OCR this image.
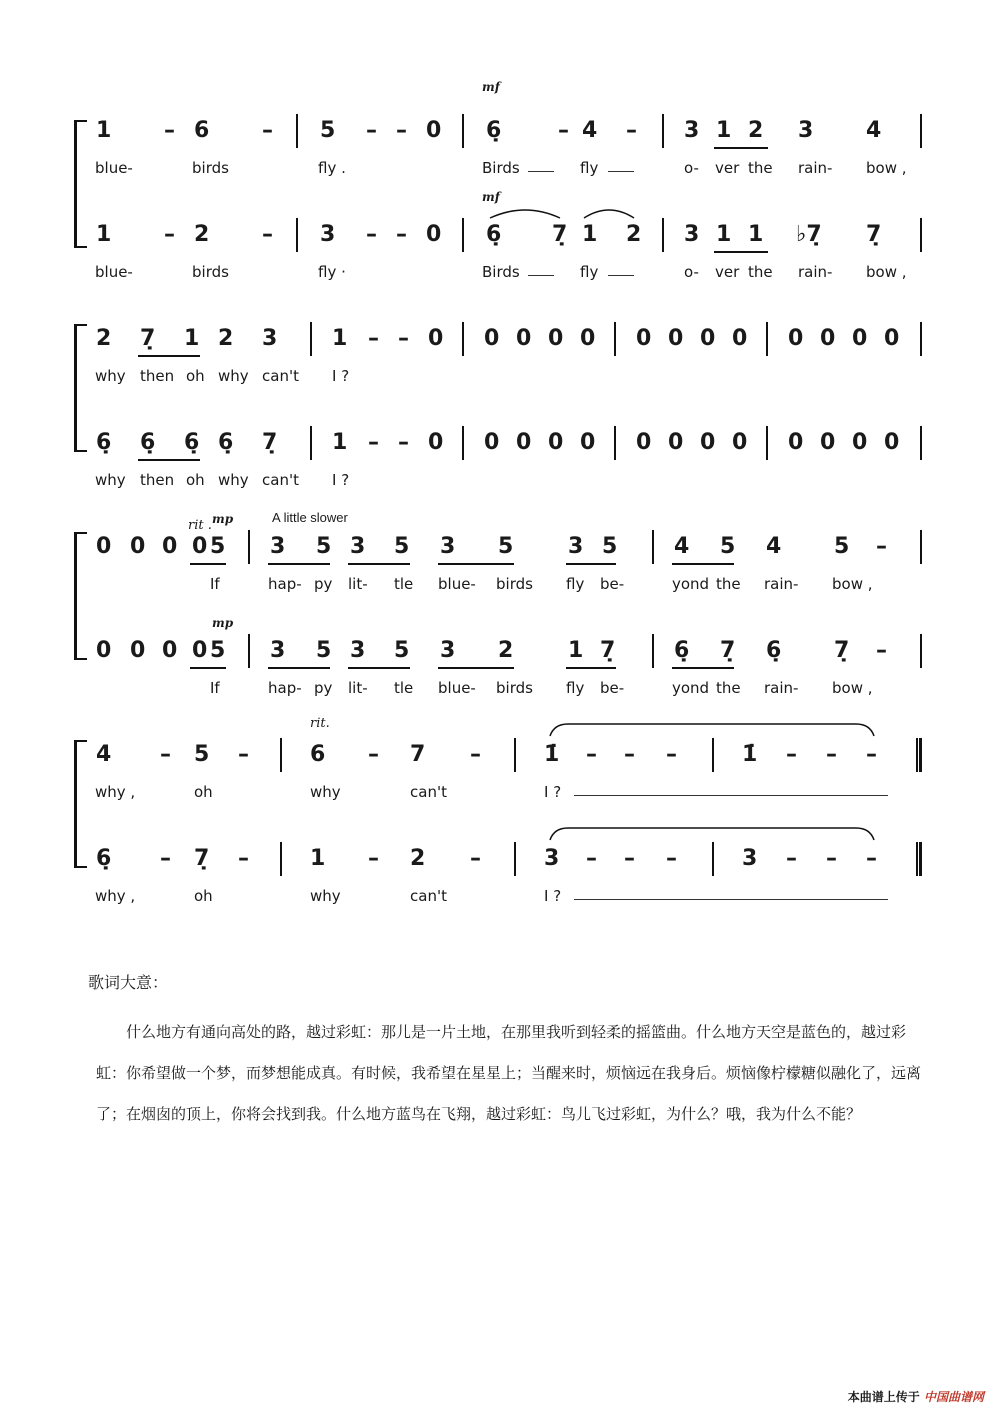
mf
mf
1 – 6 – 5 – – 0 6̣	– 4 – 3 1 2 3 4
blue-	birds	fly .	Birds	fly	o- ver the rain- bow ,
1 – 2 – 3 – – 0 6̣ 7̣ 1 2 3 1 1 ♭7̣ 7̣
blue-	birds	fly ·	Birds	fly	o- ver the rain- bow ,
2 7̣ 1 2 3 1 – – 0 0 0 0 0 0 0 0 0 0 0 0 0
why then oh why can't I ?
6̣ 6̣ 6̣ 6̣ 7̣ 1 – – 0 0 0 0 0 0 0 0 0 0 0 0 0
why then oh why can't I ?
rit . mp	A little slower
mp
0 0 0 0 5 3 5 3 5 3 5 3 5	4 5 4 5 –
If	hap- py lit- tle blue- birds fly be-	yond the rain- bow ,
0 0 0 0 5 3 5 3 5 3 2 1 7̣	6̣ 7̣ 6̣ 7̣ –
If	hap- py lit- tle blue- birds fly be-	yond the rain- bow ,
rit.
4 – 5 –	6 – 7 –	1̇ – – –	1̇ – – –
why ,	oh	why	can't	I ?
6̣ – 7̣ –	1 – 2 –	3 – – –	3 – – –
why ,	oh	why	can't	I ?
歌词大意：
什么地方有通向高处的路，越过彩虹：那儿是一片土地，在那里我听到轻柔的摇篮曲。什么地方天空是蓝色的，越过彩虹：你希望做一个梦，而梦想能成真。有时候，我希望在星星上；当醒来时，烦恼远在我身后。烦恼像柠檬糖似融化了，远离了；在烟囱的顶上，你将会找到我。什么地方蓝鸟在飞翔，越过彩虹：鸟儿飞过彩虹，为什么？哦，我为什么不能？
本曲谱上传于 中国曲谱网
